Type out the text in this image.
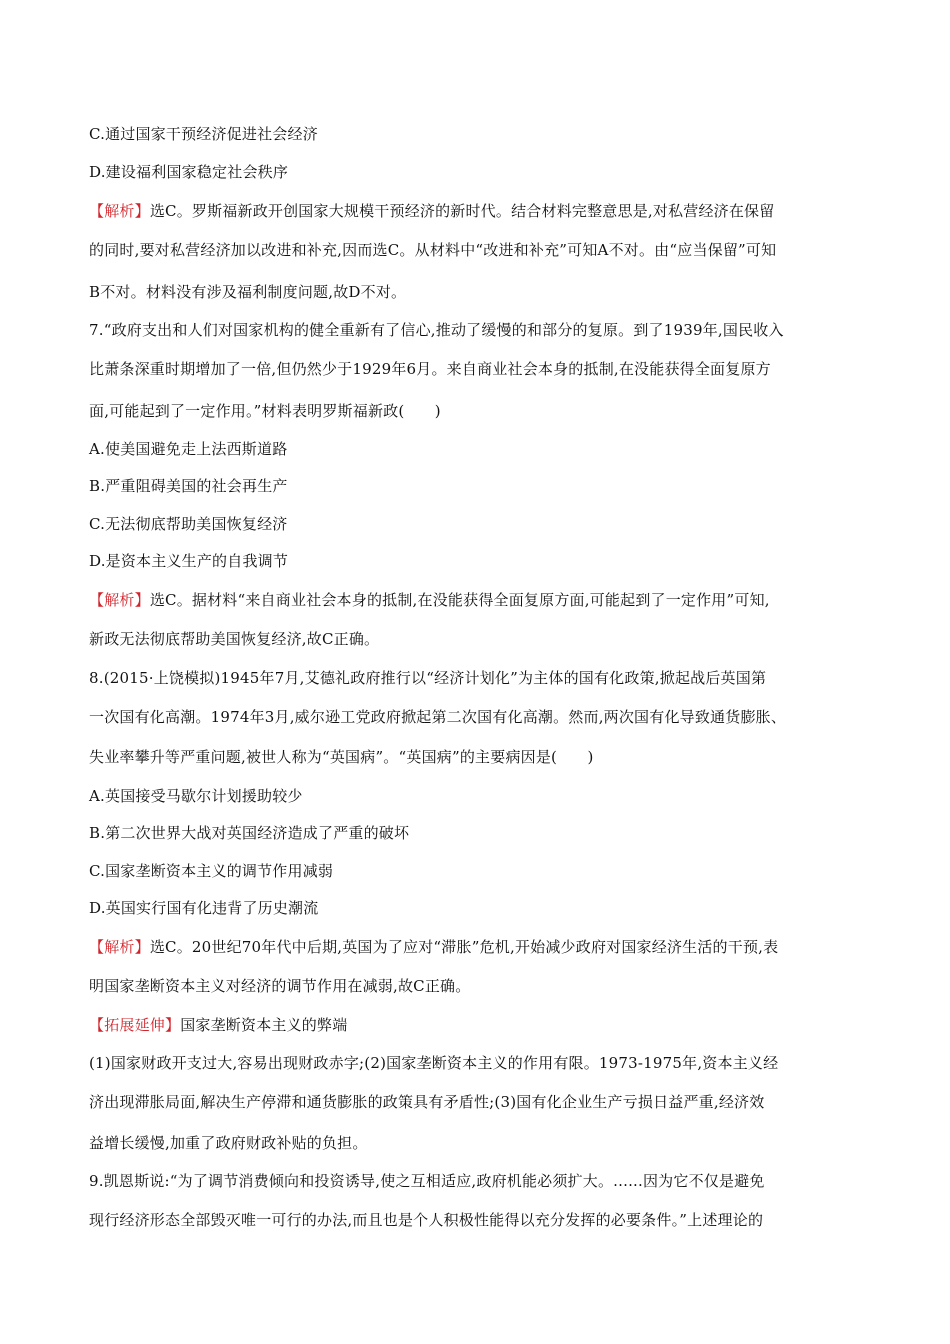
C.通过国家干预经济促进社会经济
D.建设福利国家稳定社会秩序
【解析】选C。罗斯福新政开创国家大规模干预经济的新时代。结合材料完整意思是,对私营经济在保留
的同时,要对私营经济加以改进和补充,因而选C。从材料中“改进和补充”可知A不对。由“应当保留”可知
B不对。材料没有涉及福利制度问题,故D不对。
7.“政府支出和人们对国家机构的健全重新有了信心,推动了缓慢的和部分的复原。到了1939年,国民收入
比萧条深重时期增加了一倍,但仍然少于1929年6月。来自商业社会本身的抵制,在没能获得全面复原方
面,可能起到了一定作用。”材料表明罗斯福新政(　　)
A.使美国避免走上法西斯道路
B.严重阻碍美国的社会再生产
C.无法彻底帮助美国恢复经济
D.是资本主义生产的自我调节
【解析】选C。据材料“来自商业社会本身的抵制,在没能获得全面复原方面,可能起到了一定作用”可知,
新政无法彻底帮助美国恢复经济,故C正确。
8.(2015·上饶模拟)1945年7月,艾德礼政府推行以“经济计划化”为主体的国有化政策,掀起战后英国第
一次国有化高潮。1974年3月,威尔逊工党政府掀起第二次国有化高潮。然而,两次国有化导致通货膨胀、
失业率攀升等严重问题,被世人称为“英国病”。“英国病”的主要病因是(　　)
A.英国接受马歇尔计划援助较少
B.第二次世界大战对英国经济造成了严重的破坏
C.国家垄断资本主义的调节作用减弱
D.英国实行国有化违背了历史潮流
【解析】选C。20世纪70年代中后期,英国为了应对“滞胀”危机,开始减少政府对国家经济生活的干预,表
明国家垄断资本主义对经济的调节作用在减弱,故C正确。
【拓展延伸】国家垄断资本主义的弊端
(1)国家财政开支过大,容易出现财政赤字;(2)国家垄断资本主义的作用有限。1973-1975年,资本主义经
济出现滞胀局面,解决生产停滞和通货膨胀的政策具有矛盾性;(3)国有化企业生产亏损日益严重,经济效
益增长缓慢,加重了政府财政补贴的负担。
9.凯恩斯说:“为了调节消费倾向和投资诱导,使之互相适应,政府机能必须扩大。......因为它不仅是避免
现行经济形态全部毁灭唯一可行的办法,而且也是个人积极性能得以充分发挥的必要条件。”上述理论的
